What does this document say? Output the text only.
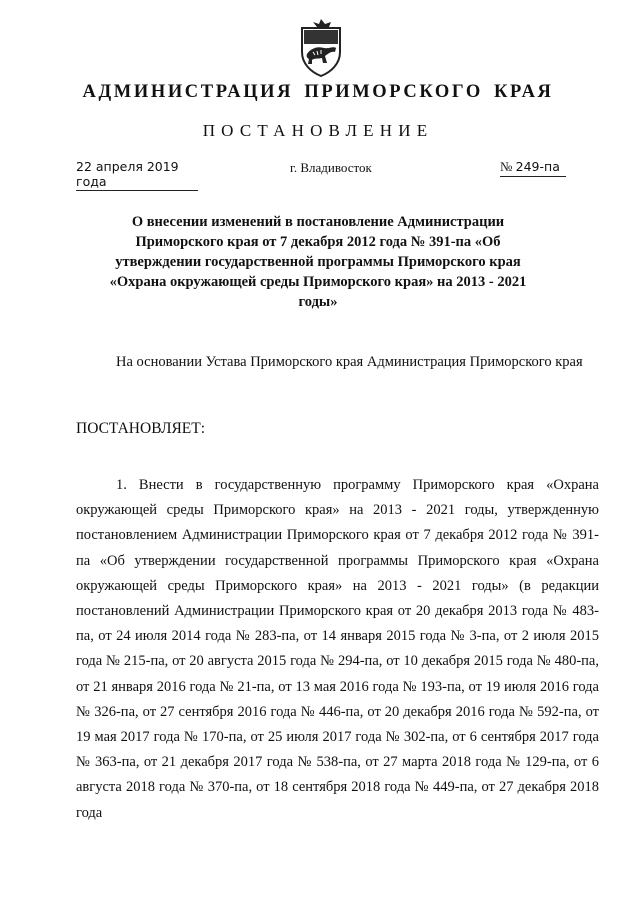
АДМИНИСТРАЦИЯ ПРИМОРСКОГО КРАЯ
ПОСТАНОВЛЕНИЕ
22 апреля 2019 года
г. Владивосток	№ 249-па
О внесении изменений в постановление Администрации Приморского края от 7 декабря 2012 года № 391-па «Об утверждении государственной программы Приморского края «Охрана окружающей среды Приморского края» на 2013 - 2021 годы»
На основании Устава Приморского края Администрация Приморского края
ПОСТАНОВЛЯЕТ:
1. Внести в государственную программу Приморского края «Охрана окружающей среды Приморского края» на 2013 - 2021 годы, утвержденную постановлением Администрации Приморского края от 7 декабря 2012 года № 391-па «Об утверждении государственной программы Приморского края «Охрана окружающей среды Приморского края» на 2013 - 2021 годы» (в редакции постановлений Администрации Приморского края от 20 декабря 2013 года № 483-па, от 24 июля 2014 года № 283-па, от 14 января 2015 года № 3-па, от 2 июля 2015 года № 215-па, от 20 августа 2015 года № 294-па, от 10 декабря 2015 года № 480-па, от 21 января 2016 года № 21-па, от 13 мая 2016 года № 193-па, от 19 июля 2016 года № 326-па, от 27 сентября 2016 года № 446-па, от 20 декабря 2016 года № 592-па, от 19 мая 2017 года № 170-па, от 25 июля 2017 года № 302-па, от 6 сентября 2017 года № 363-па, от 21 декабря 2017 года № 538-па, от 27 марта 2018 года № 129-па, от 6 августа 2018 года № 370-па, от 18 сентября 2018 года № 449-па, от 27 декабря 2018 года
